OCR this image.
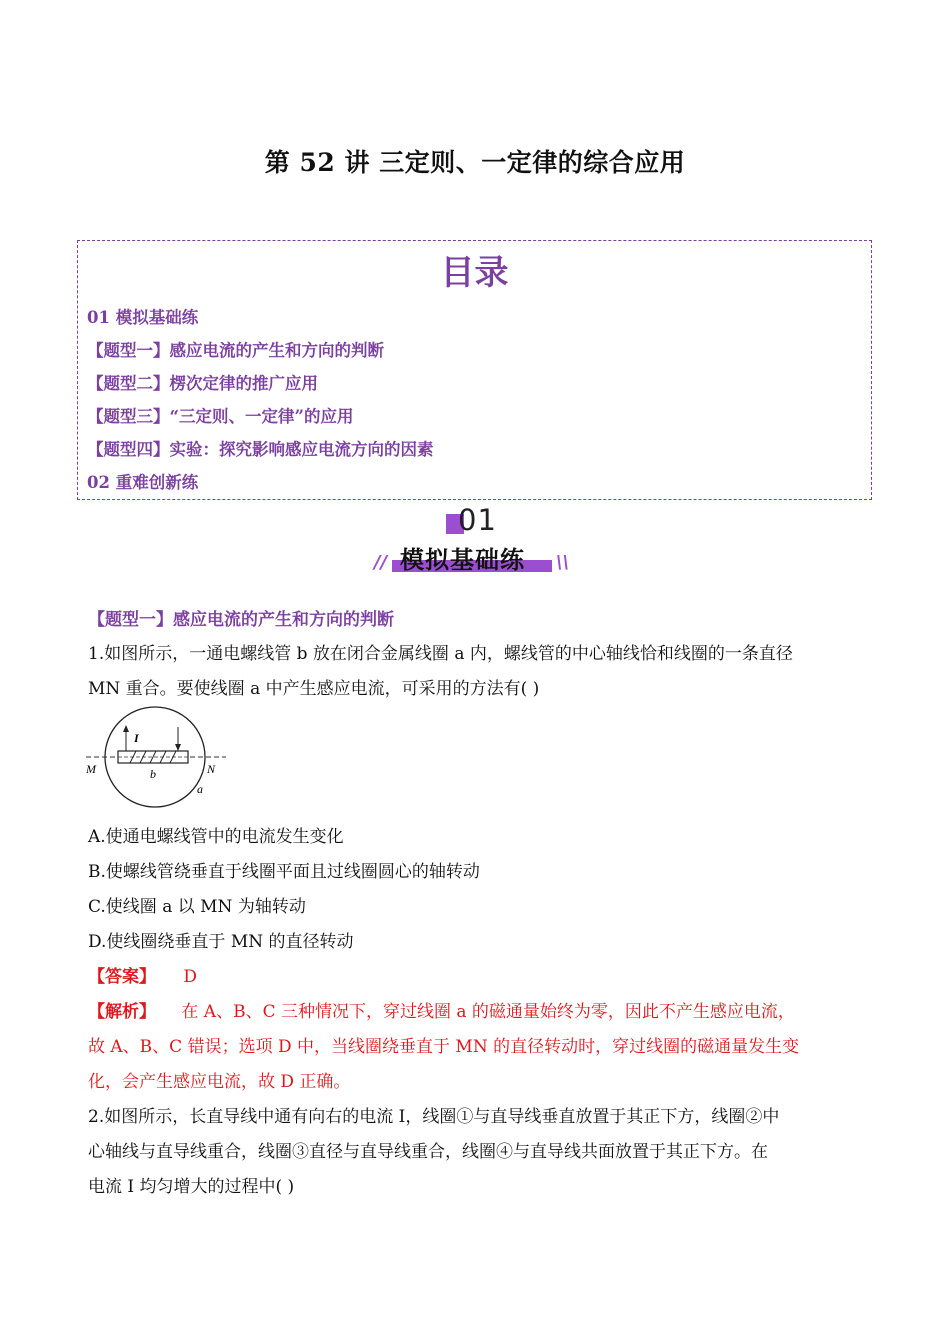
第 52 讲 三定则、一定律的综合应用
目录
01 模拟基础练
【题型一】感应电流的产生和方向的判断
【题型二】楞次定律的推广应用
【题型三】“三定则、一定律”的应用
【题型四】实验：探究影响感应电流方向的因素
02 重难创新练
01
模拟基础练
//	\\
【题型一】感应电流的产生和方向的判断
1.如图所示，一通电螺线管 b 放在闭合金属线圈 a 内，螺线管的中心轴线恰和线圈的一条直径
MN 重合。要使线圈 a 中产生感应电流，可采用的方法有( )
I
M	N
b
a
A.使通电螺线管中的电流发生变化
B.使螺线管绕垂直于线圈平面且过线圈圆心的轴转动
C.使线圈 a 以 MN 为轴转动
D.使线圈绕垂直于 MN 的直径转动
【答案】 D
【解析】 在 A、B、C 三种情况下，穿过线圈 a 的磁通量始终为零，因此不产生感应电流，
故 A、B、C 错误；选项 D 中，当线圈绕垂直于 MN 的直径转动时，穿过线圈的磁通量发生变
化，会产生感应电流，故 D 正确。
2.如图所示，长直导线中通有向右的电流 I，线圈①与直导线垂直放置于其正下方，线圈②中
心轴线与直导线重合，线圈③直径与直导线重合，线圈④与直导线共面放置于其正下方。在
电流 I 均匀增大的过程中( )
